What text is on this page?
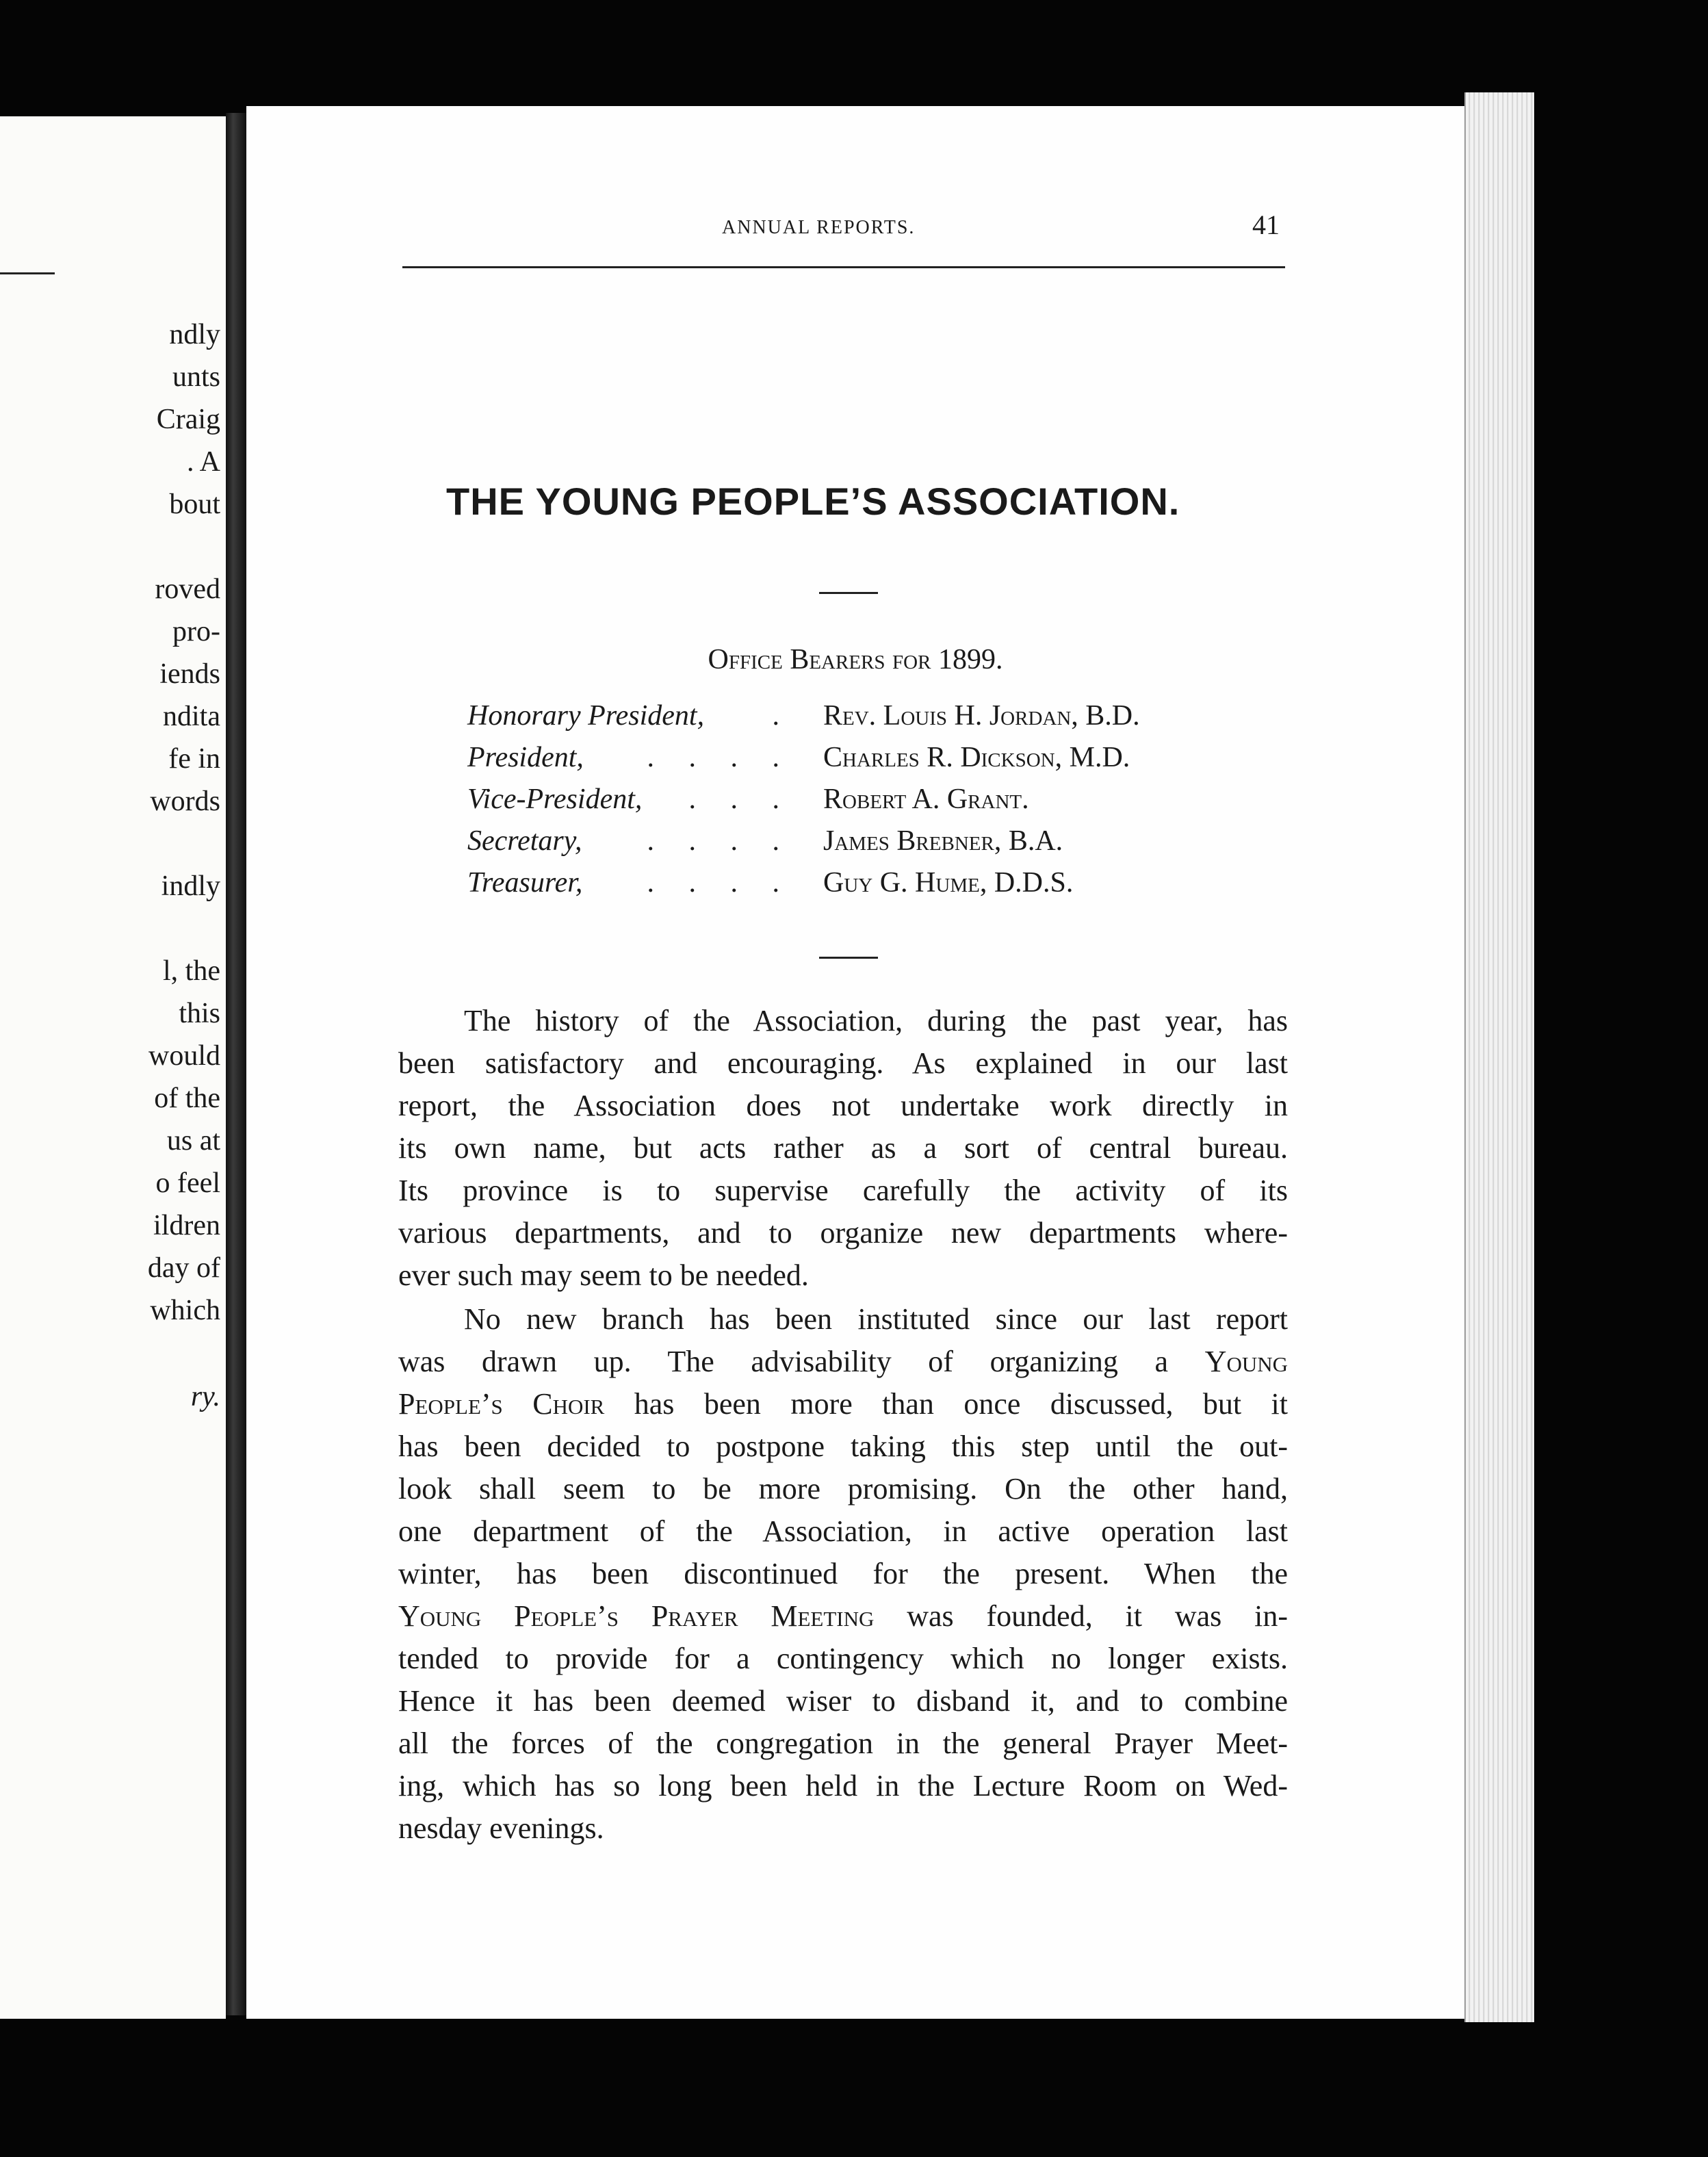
ndly

unts

Craig

. A

bout

roved

pro-

iends

ndita

fe in

words

indly

l, the

this

would

of the

us at

o feel

ildren

day of

which

ry.

ANNUAL REPORTS.	41
THE YOUNG PEOPLE’S ASSOCIATION.
Office Bearers for 1899.
Honorary President,	. Rev. Louis H. Jordan, B.D.
President,	. . . . Charles R. Dickson, M.D.
Vice-President,	. . . Robert A. Grant.
Secretary,	. . . . James Brebner, B.A.
Treasurer,	. . . . Guy G. Hume, D.D.S.

The history of the Association, during the past year, has

been satisfactory and encouraging. As explained in our last

report, the Association does not undertake work directly in

its own name, but acts rather as a sort of central bureau.

Its province is to supervise carefully the activity of its

various departments, and to organize new departments where-

ever such may seem to be needed.

No new branch has been instituted since our last report

was drawn up. The advisability of organizing a Young

People’s Choir has been more than once discussed, but it

has been decided to postpone taking this step until the out-

look shall seem to be more promising. On the other hand,

one department of the Association, in active operation last

winter, has been discontinued for the present. When the

Young People’s Prayer Meeting was founded, it was in-

tended to provide for a contingency which no longer exists.

Hence it has been deemed wiser to disband it, and to combine

all the forces of the congregation in the general Prayer Meet-

ing, which has so long been held in the Lecture Room on Wed-

nesday evenings.
